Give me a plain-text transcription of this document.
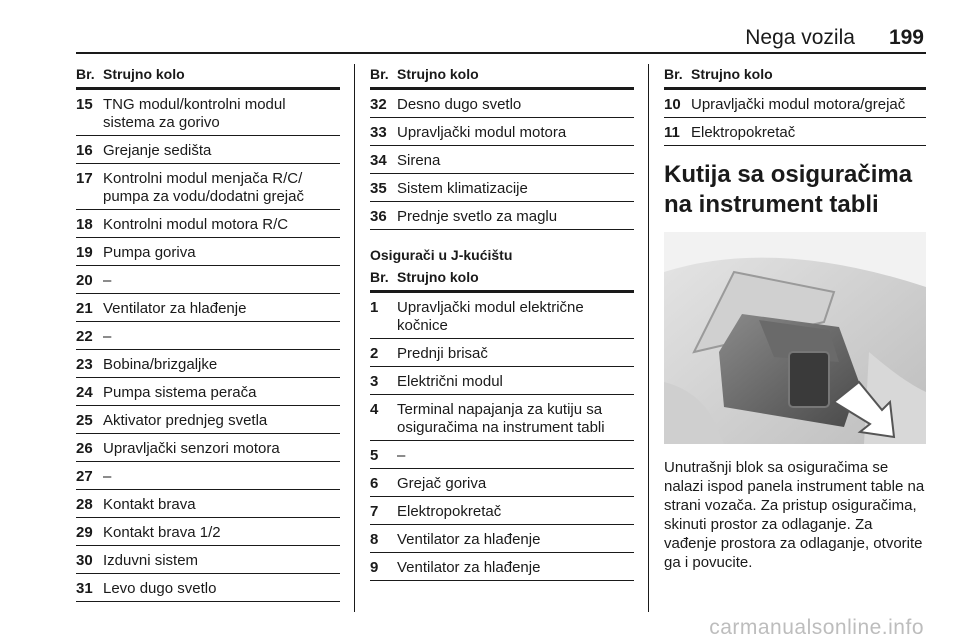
Nega vozila 199
Br. Strujno kolo
15 TNG modul/kontrolni modul sistema za gorivo
16 Grejanje sedišta
17 Kontrolni modul menjača R/C/ pumpa za vodu/dodatni grejač
18 Kontrolni modul motora R/C
19 Pumpa goriva
20 –
21 Ventilator za hlađenje
22 –
23 Bobina/brizgaljke
24 Pumpa sistema perača
25 Aktivator prednjeg svetla
26 Upravljački senzori motora
27 –
28 Kontakt brava
29 Kontakt brava 1/2
30 Izduvni sistem
31 Levo dugo svetlo
Br. Strujno kolo
32 Desno dugo svetlo
33 Upravljački modul motora
34 Sirena
35 Sistem klimatizacije
36 Prednje svetlo za maglu
Osigurači u J-kućištu
Br. Strujno kolo
1	Upravljački modul električne kočnice
2	Prednji brisač
3	Električni modul
4	Terminal napajanja za kutiju sa osiguračima na instrument tabli
5	–
6	Grejač goriva
7	Elektropokretač
8	Ventilator za hlađenje
9	Ventilator za hlađenje
Br. Strujno kolo
10 Upravljački modul motora/grejač
11 Elektropokretač
Kutija sa osiguračima na instrument tabli
Unutrašnji blok sa osiguračima se nalazi ispod panela instrument table na strani vozača. Za pristup osiguračima, skinuti prostor za odlaganje. Za vađenje prostora za odlaganje, otvorite ga i povucite.
carmanualsonline.info
